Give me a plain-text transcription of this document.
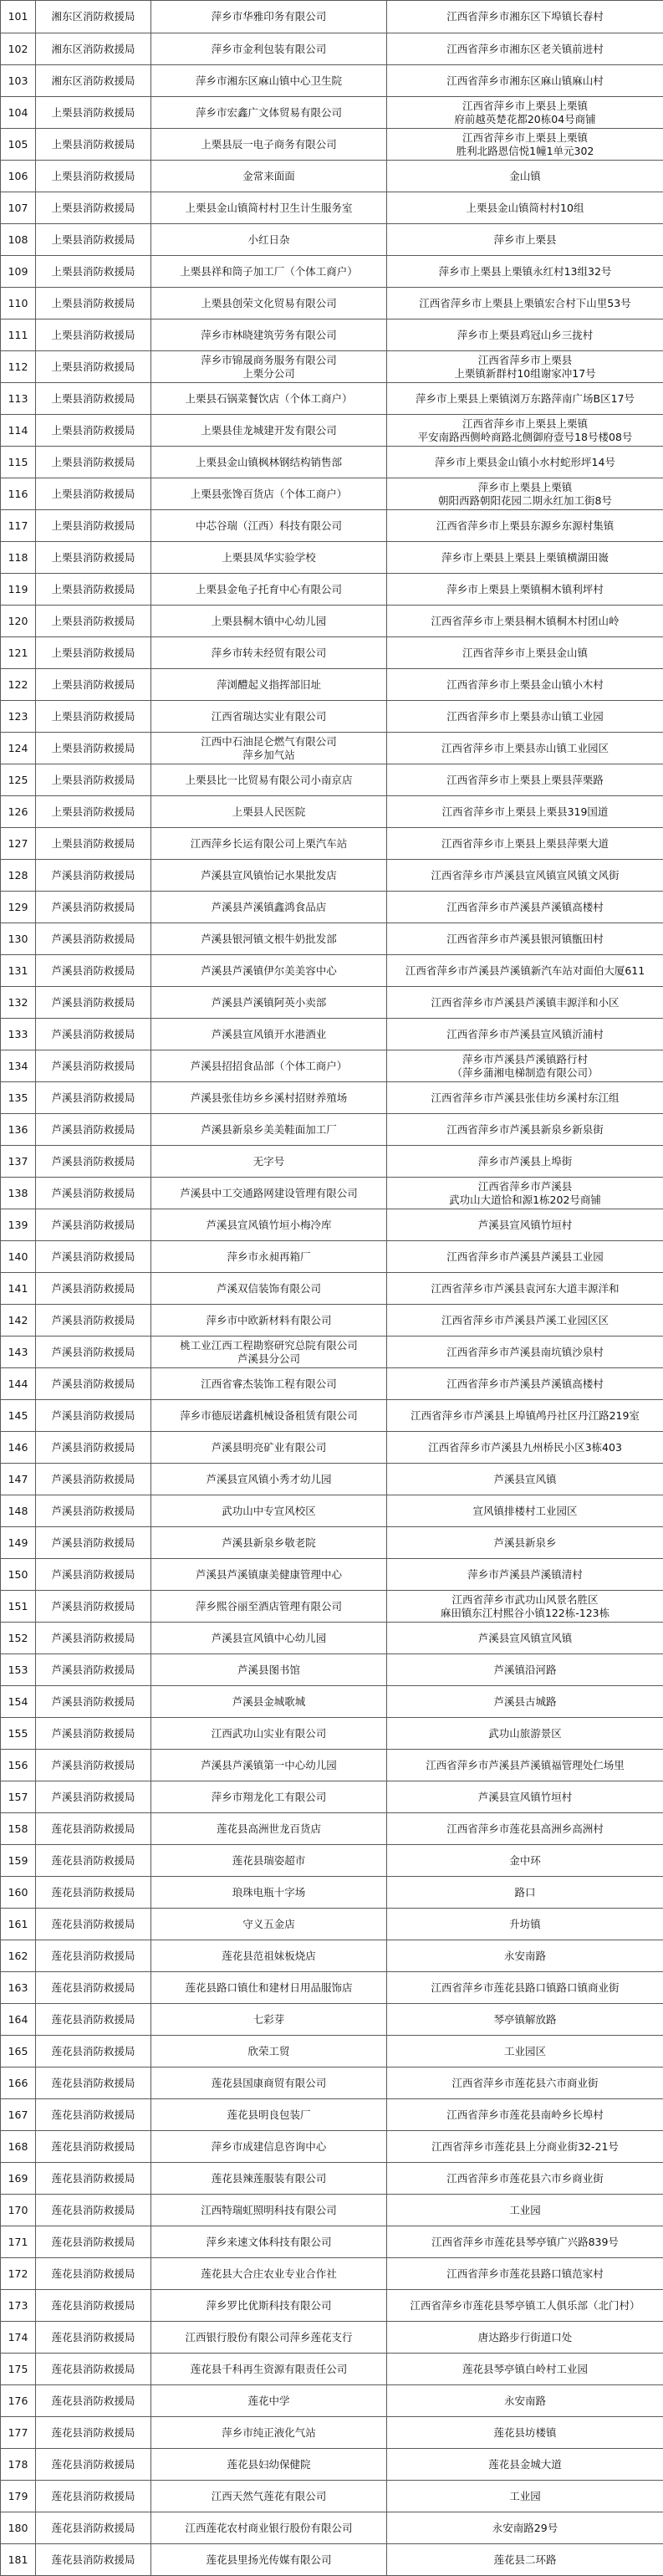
101	湘东区消防救援局	萍乡市华雅印务有限公司	江西省萍乡市湘东区下埠镇长春村
102	湘东区消防救援局	萍乡市金利包装有限公司	江西省萍乡市湘东区老关镇前进村
103	湘东区消防救援局	萍乡市湘东区麻山镇中心卫生院	江西省萍乡市湘东区麻山镇麻山村
104	上栗县消防救援局	萍乡市宏鑫广文体贸易有限公司	江西省萍乡市上栗县上栗镇
府前越英楚花都20栋04号商铺
105	上栗县消防救援局	上栗县辰一电子商务有限公司	江西省萍乡市上栗县上栗镇
胜利北路恩信悦1幢1单元302
106	上栗县消防救援局	金常来面面	金山镇
107	上栗县消防救援局	上栗县金山镇简村村卫生计生服务室	上栗县金山镇简村村10组
108	上栗县消防救援局	小红日杂	萍乡市上栗县
109	上栗县消防救援局	上栗县祥和筒子加工厂（个体工商户）	萍乡市上栗县上栗镇永红村13组32号
110	上栗县消防救援局	上栗县创荣文化贸易有限公司	江西省萍乡市上栗县上栗镇宏合村下山里53号
111	上栗县消防救援局	萍乡市林晓建筑劳务有限公司	萍乡市上栗县鸡冠山乡三拢村
112	上栗县消防救援局	萍乡市锦晟商务服务有限公司
上栗分公司	江西省萍乡市上栗县
上栗镇新群村10组谢家冲17号
113	上栗县消防救援局	上栗县石锅菜餐饮店（个体工商户）	萍乡市上栗县上栗镇浏万东路萍南广场B区17号
114	上栗县消防救援局	上栗县佳龙城建开发有限公司	江西省萍乡市上栗县上栗镇
平安南路西侧岭商路北侧御府壹号18号楼08号
115	上栗县消防救援局	上栗县金山镇枫林钢结构销售部	萍乡市上栗县金山镇小水村蛇形坪14号
116	上栗县消防救援局	上栗县张馋百货店（个体工商户）	萍乡市上栗县上栗镇
朝阳西路朝阳花园二期永红加工街8号
117	上栗县消防救援局	中芯谷瑞（江西）科技有限公司	江西省萍乡市上栗县东源乡东源村集镇
118	上栗县消防救援局	上栗县凤华实验学校	萍乡市上栗县上栗县上栗镇横湖田嶶
119	上栗县消防救援局	上栗县金龟子托育中心有限公司	萍乡市上栗县上栗镇桐木镇利坪村
120	上栗县消防救援局	上栗县桐木镇中心幼儿园	江西省萍乡市上栗县桐木镇桐木村团山岭
121	上栗县消防救援局	萍乡市转未经贸有限公司	江西省萍乡市上栗县金山镇
122	上栗县消防救援局	萍浏醴起义指挥部旧址	江西省萍乡市上栗县金山镇小木村
123	上栗县消防救援局	江西省瑞达实业有限公司	江西省萍乡市上栗县赤山镇工业园
124	上栗县消防救援局	江西中石油昆仑燃气有限公司
萍乡加气站	江西省萍乡市上栗县赤山镇工业园区
125	上栗县消防救援局	上栗县比一比贸易有限公司小南京店	江西省萍乡市上栗县上栗县萍栗路
126	上栗县消防救援局	上栗县人民医院	江西省萍乡市上栗县上栗县319国道
127	上栗县消防救援局	江西萍乡长运有限公司上栗汽车站	江西省萍乡市上栗县上栗县萍栗大道
128	芦溪县消防救援局	芦溪县宣风镇怡记水果批发店	江西省萍乡市芦溪县宣风镇宣风镇文风街
129	芦溪县消防救援局	芦溪县芦溪镇鑫鸿食品店	江西省萍乡市芦溪县芦溪镇高楼村
130	芦溪县消防救援局	芦溪县银河镇文根牛奶批发部	江西省萍乡市芦溪县银河镇甑田村
131	芦溪县消防救援局	芦溪县芦溪镇伊尔美美容中心	江西省萍乡市芦溪县芦溪镇新汽车站对面伯大厦611
132	芦溪县消防救援局	芦溪县芦溪镇阿英小卖部	江西省萍乡市芦溪县芦溪镇丰源洋和小区
133	芦溪县消防救援局	芦溪县宣风镇开水港酒业	江西省萍乡市芦溪县宣风镇沂浦村
134	芦溪县消防救援局	芦溪县招招食品部（个体工商户）	萍乡市芦溪县芦溪镇路行村
（萍乡蒲湘电梯制造有限公司）
135	芦溪县消防救援局	芦溪县张佳坊乡乡溪村招财养殖场	江西省萍乡市芦溪县张佳坊乡溪村东江组
136	芦溪县消防救援局	芦溪县新泉乡美美鞋面加工厂	江西省萍乡市芦溪县新泉乡新泉街
137	芦溪县消防救援局	无字号	萍乡市芦溪县上埠街
138	芦溪县消防救援局	芦溪县中工交通路网建设管理有限公司	江西省萍乡市芦溪县
武功山大道恰和源1栋202号商铺
139	芦溪县消防救援局	芦溪县宣风镇竹垣小梅冷库	芦溪县宣风镇竹垣村
140	芦溪县消防救援局	萍乡市永昶再箱厂	江西省萍乡市芦溪县芦溪县工业园
141	芦溪县消防救援局	芦溪双信装饰有限公司	江西省萍乡市芦溪县袁河东大道丰源洋和
142	芦溪县消防救援局	萍乡市中欧新材料有限公司	江西省萍乡市芦溪县芦溪工业园区区
143	芦溪县消防救援局	桃工业江西工程勘察研究总院有限公司
芦溪县分公司	江西省萍乡市芦溪县南坑镇沙泉村
144	芦溪县消防救援局	江西省睿杰装饰工程有限公司	江西省萍乡市芦溪县芦溪镇高楼村
145	芦溪县消防救援局	萍乡市德辰诺鑫机械设备租赁有限公司	江西省萍乡市芦溪县上埠镇鸬丹社区丹江路219室
146	芦溪县消防救援局	芦溪县明亮矿业有限公司	江西省萍乡市芦溪县九州桥民小区3栋403
147	芦溪县消防救援局	芦溪县宣风镇小秀才幼儿园	芦溪县宣风镇
148	芦溪县消防救援局	武功山中专宣风校区	宣风镇排楼村工业园区
149	芦溪县消防救援局	芦溪县新泉乡敬老院	芦溪县新泉乡
150	芦溪县消防救援局	芦溪县芦溪镇康美健康管理中心	萍乡市芦溪县芦溪镇清村
151	芦溪县消防救援局	萍乡熙谷丽至酒店管理有限公司	江西省萍乡市武功山风景名胜区
麻田镇东江村熙谷小镇122栋-123栋
152	芦溪县消防救援局	芦溪县宣风镇中心幼儿园	芦溪县宣风镇宣风镇
153	芦溪县消防救援局	芦溪县图书馆	芦溪镇沿河路
154	芦溪县消防救援局	芦溪县金城歌城	芦溪县古城路
155	芦溪县消防救援局	江西武功山实业有限公司	武功山旅游景区
156	芦溪县消防救援局	芦溪县芦溪镇第一中心幼儿园	江西省萍乡市芦溪县芦溪镇福管理处仁场里
157	芦溪县消防救援局	萍乡市翔龙化工有限公司	芦溪县宣风镇竹垣村
158	莲花县消防救援局	莲花县高洲世龙百货店	江西省萍乡市莲花县高洲乡高洲村
159	莲花县消防救援局	莲花县瑞姿超市	金中环
160	莲花县消防救援局	琅珠电瓶十字场	路口
161	莲花县消防救援局	守义五金店	升坊镇
162	莲花县消防救援局	莲花县范祖妹板烧店	永安南路
163	莲花县消防救援局	莲花县路口镇仕和建材日用品服饰店	江西省萍乡市莲花县路口镇路口镇商业街
164	莲花县消防救援局	七彩芽	琴亭镇解放路
165	莲花县消防救援局	欣荣工贸	工业园区
166	莲花县消防救援局	莲花县国康商贸有限公司	江西省萍乡市莲花县六市商业街
167	莲花县消防救援局	莲花县明良包装厂	江西省萍乡市莲花县南岭乡长埠村
168	莲花县消防救援局	萍乡市成建信息咨询中心	江西省萍乡市莲花县上分商业街32-21号
169	莲花县消防救援局	莲花县辣莲服装有限公司	江西省萍乡市莲花县六市乡商业街
170	莲花县消防救援局	江西特瑞虹照明科技有限公司	工业园
171	莲花县消防救援局	萍乡来速文体科技有限公司	江西省萍乡市莲花县琴亭镇广兴路839号
172	莲花县消防救援局	莲花县大合庄农业专业合作社	江西省萍乡市莲花县路口镇范家村
173	莲花县消防救援局	萍乡罗比优斯科技有限公司	江西省萍乡市莲花县琴亭镇工人俱乐部（北门村）
174	莲花县消防救援局	江西银行股份有限公司萍乡莲花支行	唐达路步行街道口处
175	莲花县消防救援局	莲花县千科再生资源有限责任公司	莲花县琴亭镇白岭村工业园
176	莲花县消防救援局	莲花中学	永安南路
177	莲花县消防救援局	萍乡市纯正液化气站	莲花县坊楼镇
178	莲花县消防救援局	莲花县妇幼保健院	莲花县金城大道
179	莲花县消防救援局	江西天然气莲花有限公司	工业园
180	莲花县消防救援局	江西莲花农村商业银行股份有限公司	永安南路29号
181	莲花县消防救援局	莲花县里扬光传媒有限公司	莲花县二环路
